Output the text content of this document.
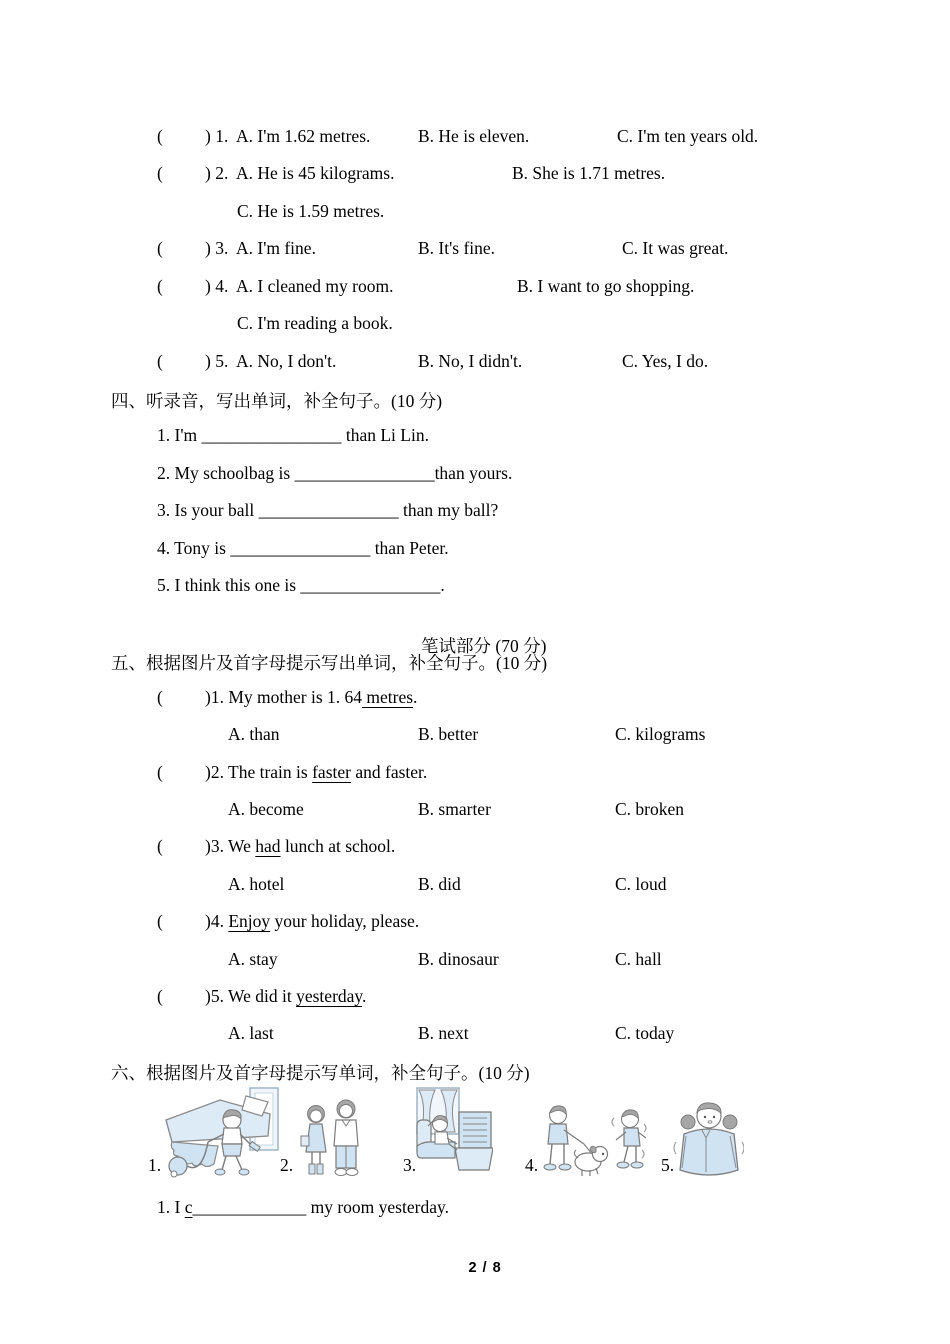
(

) 1.

A. I'm 1.62 metres.

	B. He is eleven.

	C. I'm ten years old.

(

) 2.

A. He is 45 kilograms.

	B. She is 1.71 metres.

C. He is 1.59 metres.

(

) 3.

A. I'm fine.

	B. It's fine.

	C. It was great.

(

) 4.

A. I cleaned my room.

	B. I want to go shopping.

C. I'm reading a book.

(

) 5.

A. No, I don't.

	B. No, I didn't.

	C. Yes, I do.

四、听录音，写出单词，补全句子。(10 分)

1. I'm ________________ than Li Lin.

2. My schoolbag is ________________than yours.

3. Is your ball ________________ than my ball?

4. Tony is ________________ than Peter.

5. I think this one is ________________.

笔试部分 (70 分)

五、根据图片及首字母提示写出单词，补全句子。(10 分)

(

)1. My mother is 1. 64 metres.

A. than

	B. better

	C. kilograms

(

)2. The train is faster and faster.

A. become

	B. smarter

	C. broken

(

)3. We had lunch at school.

A. hotel

	B. did

	C. loud

(

)4. Enjoy your holiday, please.

A. stay

	B. dinosaur

	C. hall

(

)5. We did it yesterday.

A. last

	B. next

	C. today

六、根据图片及首字母提示写单词，补全句子。(10 分)

1.	2.	3.	4.	5.

1. I c_____________ my room yesterday.

2 / 8
